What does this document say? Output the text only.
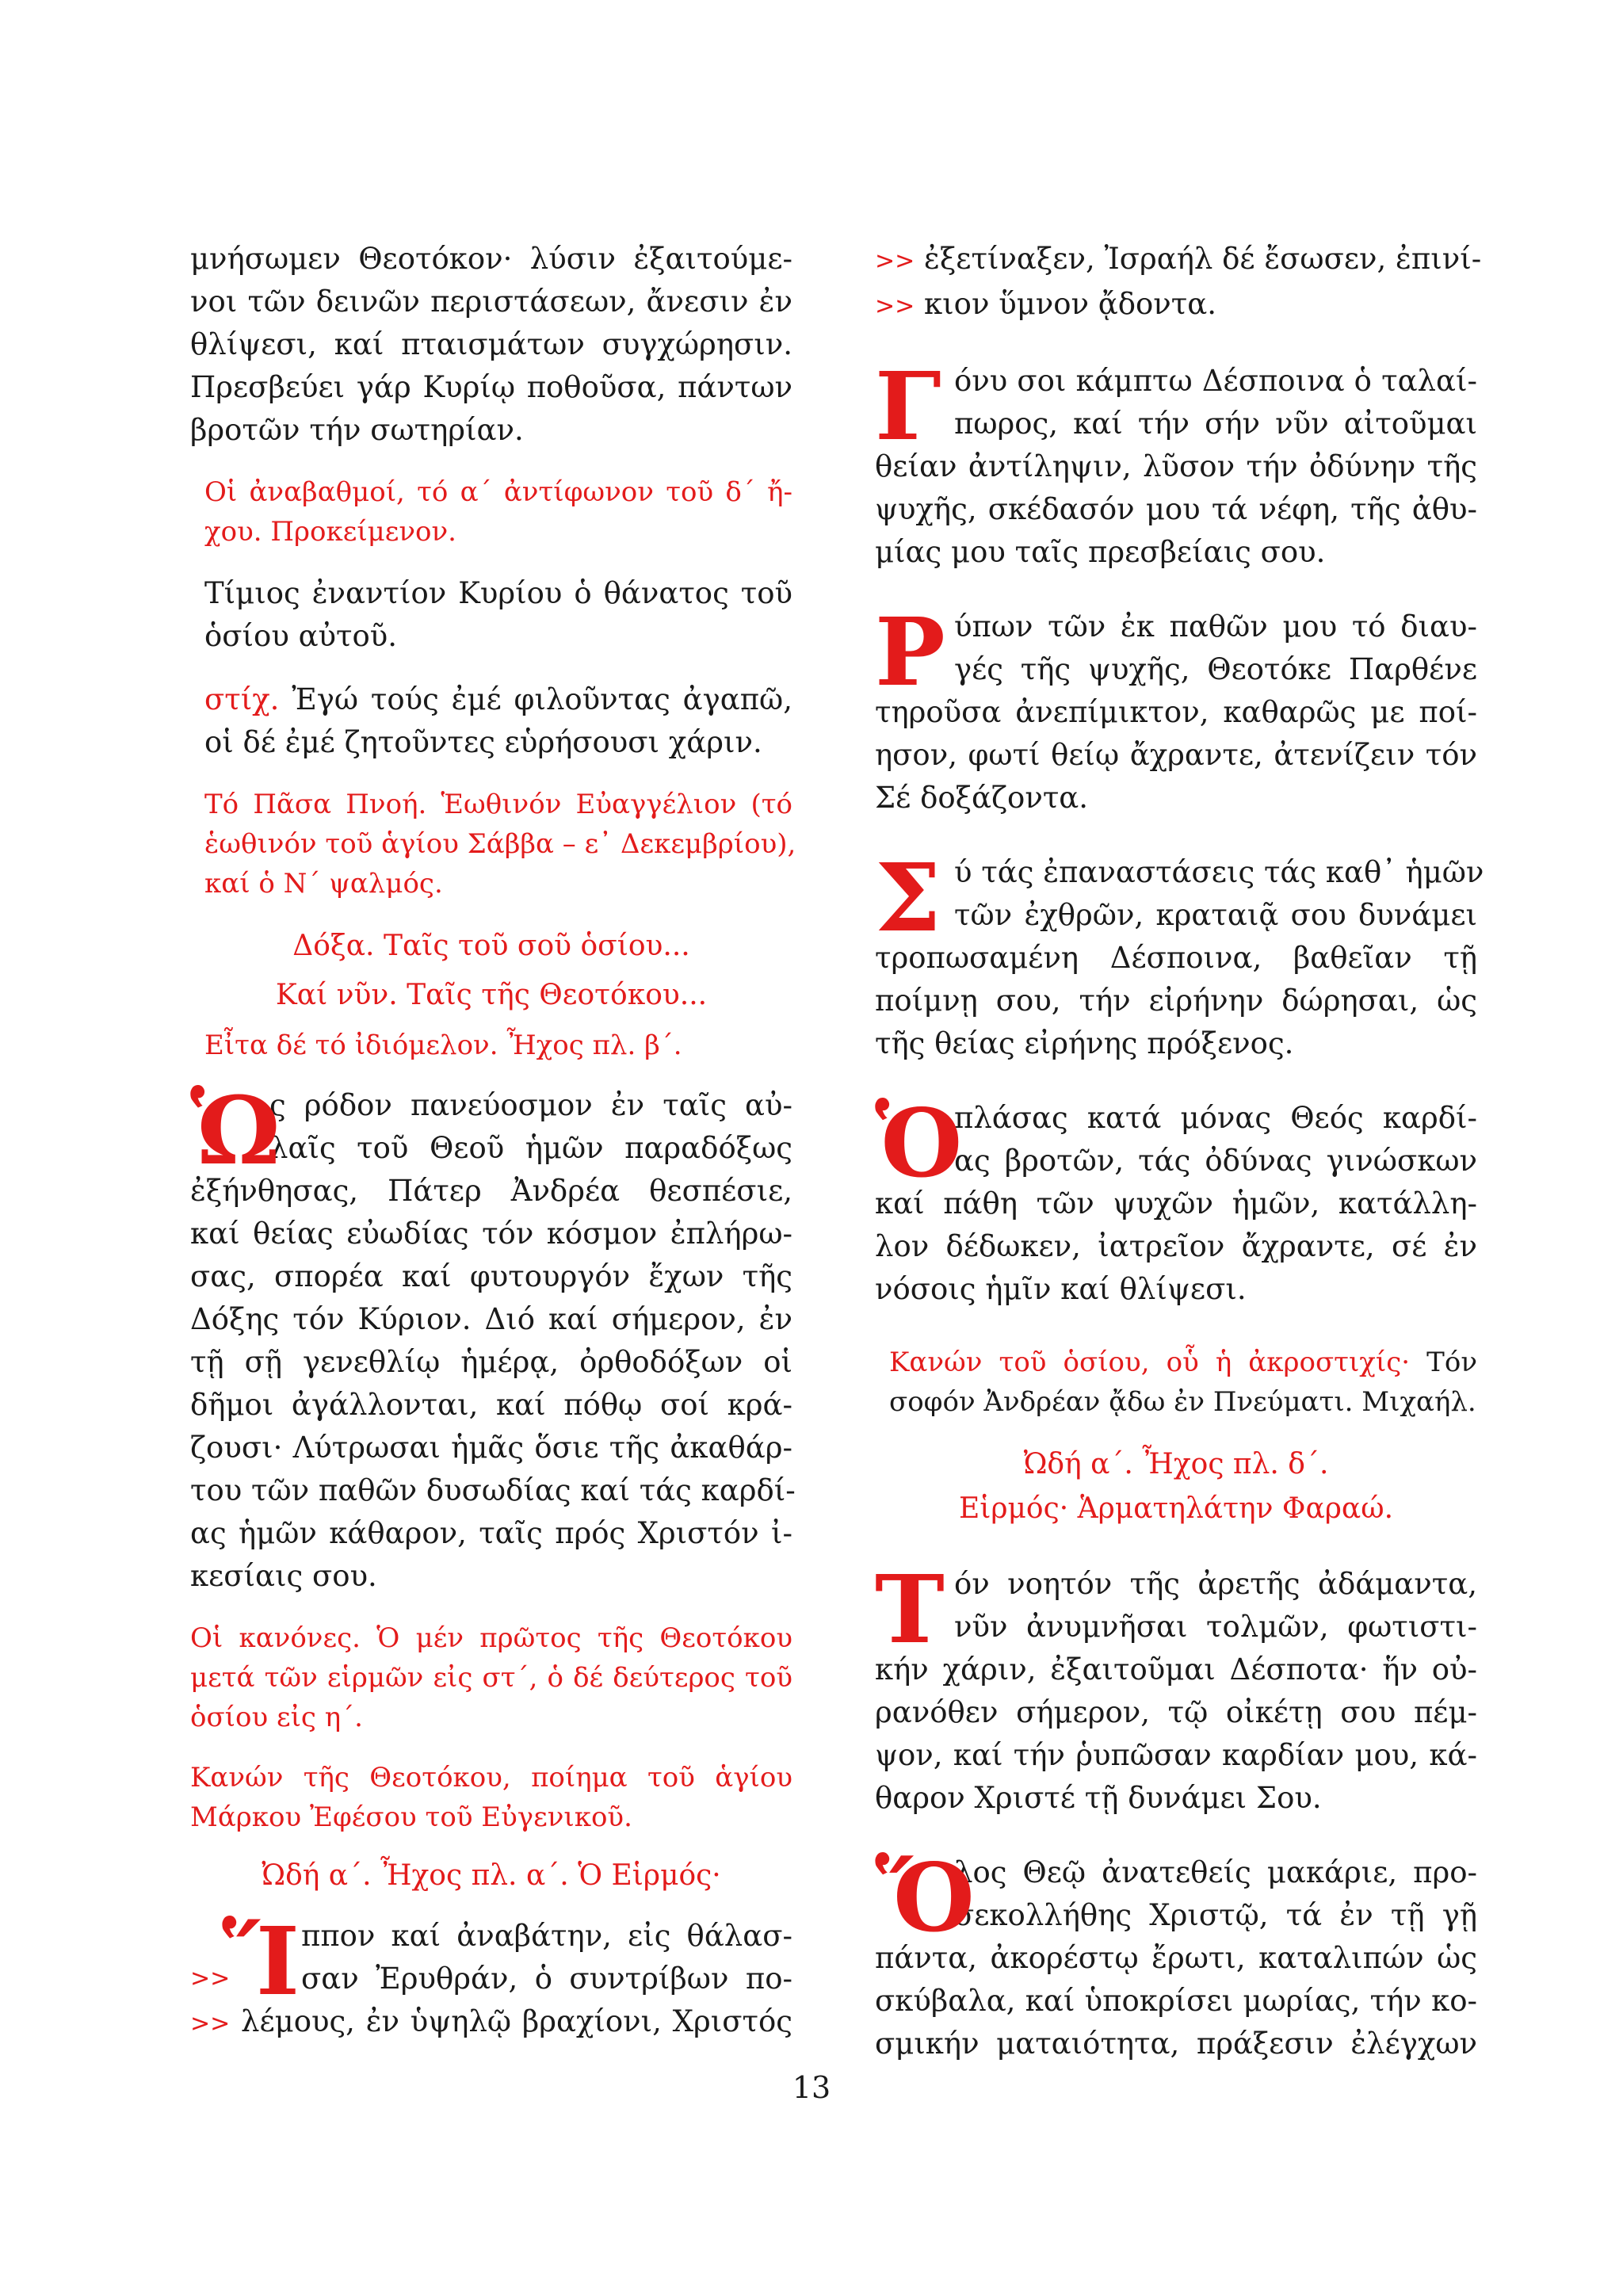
μνήσωμεν Θεοτόκον· λύσιν ἐξαιτούμε-
νοι τῶν δεινῶν περιστάσεων, ἄνεσιν ἐν
θλίψεσι, καί πταισμάτων συγχώρησιν.
Πρεσβεύει γάρ Κυρίῳ ποθοῦσα, πάντων
βροτῶν τήν σωτηρίαν.
Οἱ ἀναβαθμοί, τό α΄ ἀντίφωνον τοῦ δ΄ ἤ-
χου. Προκείμενον.
Τίμιος ἐναντίον Κυρίου ὁ θάνατος τοῦ
ὁσίου αὐτοῦ.
στίχ. Ἐγώ τούς ἐμέ φιλοῦντας ἀγαπῶ,
οἱ δέ ἐμέ ζητοῦντες εὑρήσουσι χάριν.
Τό Πᾶσα Πνοή. Ἑωθινόν Εὐαγγέλιον (τό
ἑωθινόν τοῦ ἁγίου Σάββα – ε᾽ Δεκεμβρίου),
καί ὁ Ν΄ ψαλμός.
Δόξα. Ταῖς τοῦ σοῦ ὁσίου...
Καί νῦν. Ταῖς τῆς Θεοτόκου...
Εἶτα δέ τό ἰδιόμελον. Ἦχος πλ. β΄.
Ὡ
ς ρόδον πανεύοσμον ἐν ταῖς αὐ-
λαῖς τοῦ Θεοῦ ἡμῶν παραδόξως
ἐξήνθησας, Πάτερ Ἀνδρέα θεσπέσιε,
καί θείας εὐωδίας τόν κόσμον ἐπλήρω-
σας, σπορέα καί φυτουργόν ἔχων τῆς
Δόξης τόν Κύριον. Διό καί σήμερον, ἐν
τῇ σῇ γενεθλίῳ ἡμέρᾳ, ὀρθοδόξων οἱ
δῆμοι ἀγάλλονται, καί πόθῳ σοί κρά-
ζουσι· Λύτρωσαι ἡμᾶς ὅσιε τῆς ἀκαθάρ-
του τῶν παθῶν δυσωδίας καί τάς καρδί-
ας ἡμῶν κάθαρον, ταῖς πρός Χριστόν ἰ-
κεσίαις σου.
Οἱ κανόνες. Ὁ μέν πρῶτος τῆς Θεοτόκου
μετά τῶν εἱρμῶν εἰς στ΄, ὁ δέ δεύτερος τοῦ
ὁσίου εἰς η΄.
Κανών τῆς Θεοτόκου, ποίημα τοῦ ἁγίου
Μάρκου Ἐφέσου τοῦ Εὐγενικοῦ.
Ὠδή α΄. Ἦχος πλ. α΄. Ὁ Εἱρμός·
Ἵ ππον καί ἀναβάτην, εἰς θάλασ-
>> σαν Ἐρυθράν, ὁ συντρίβων πο-
>> λέμους, ἐν ὑψηλῷ βραχίονι, Χριστός
>> ἐξετίναξεν, Ἰσραήλ δέ ἔσωσεν, ἐπινί-
>> κιον ὕμνον ᾄδοντα.
Γ όνυ σοι κάμπτω Δέσποινα ὁ ταλαί-
πωρος, καί τήν σήν νῦν αἰτοῦμαι
θείαν ἀντίληψιν, λῦσον τήν ὀδύνην τῆς
ψυχῆς, σκέδασόν μου τά νέφη, τῆς ἀθυ-
μίας μου ταῖς πρεσβείαις σου.
Ρ ύπων τῶν ἐκ παθῶν μου τό διαυ-
γές τῆς ψυχῆς, Θεοτόκε Παρθένε
τηροῦσα ἀνεπίμικτον, καθαρῶς με ποί-
ησον, φωτί θείῳ ἄχραντε, ἀτενίζειν τόν
Σέ δοξάζοντα.
Σ ύ τάς ἐπαναστάσεις τάς καθ᾽ ἡμῶν
τῶν ἐχθρῶν, κραταιᾷ σου δυνάμει
τροπωσαμένη Δέσποινα, βαθεῖαν τῇ
ποίμνῃ σου, τήν εἰρήνην δώρησαι, ὡς
τῆς θείας εἰρήνης πρόξενος.
Ὁ
πλάσας κατά μόνας Θεός καρδί-
ας βροτῶν, τάς ὀδύνας γινώσκων
καί πάθη τῶν ψυχῶν ἡμῶν, κατάλλη-
λον δέδωκεν, ἰατρεῖον ἄχραντε, σέ ἐν
νόσοις ἡμῖν καί θλίψεσι.
Κανών τοῦ ὁσίου, οὗ ἡ ἀκροστιχίς· Τόν
σοφόν Ἀνδρέαν ᾄδω ἐν Πνεύματι. Μιχαήλ.
Ὠδή α΄. Ἦχος πλ. δ΄.
Εἱρμός· Ἁρματηλάτην Φαραώ.
Τ όν νοητόν τῆς ἀρετῆς ἀδάμαντα,
νῦν ἀνυμνῆσαι τολμῶν, φωτιστι-
κήν χάριν, ἐξαιτοῦμαι Δέσποτα· ἥν οὐ-
ρανόθεν σήμερον, τῷ οἰκέτῃ σου πέμ-
ψον, καί τήν ῥυπῶσαν καρδίαν μου, κά-
θαρον Χριστέ τῇ δυνάμει Σου.
Ὅ
λος Θεῷ ἀνατεθείς μακάριε, προ-
σεκολλήθης Χριστῷ, τά ἐν τῇ γῇ
πάντα, ἀκορέστῳ ἔρωτι, καταλιπών ὡς
σκύβαλα, καί ὑποκρίσει μωρίας, τήν κο-
σμικήν ματαιότητα, πράξεσιν ἐλέγχων
13
